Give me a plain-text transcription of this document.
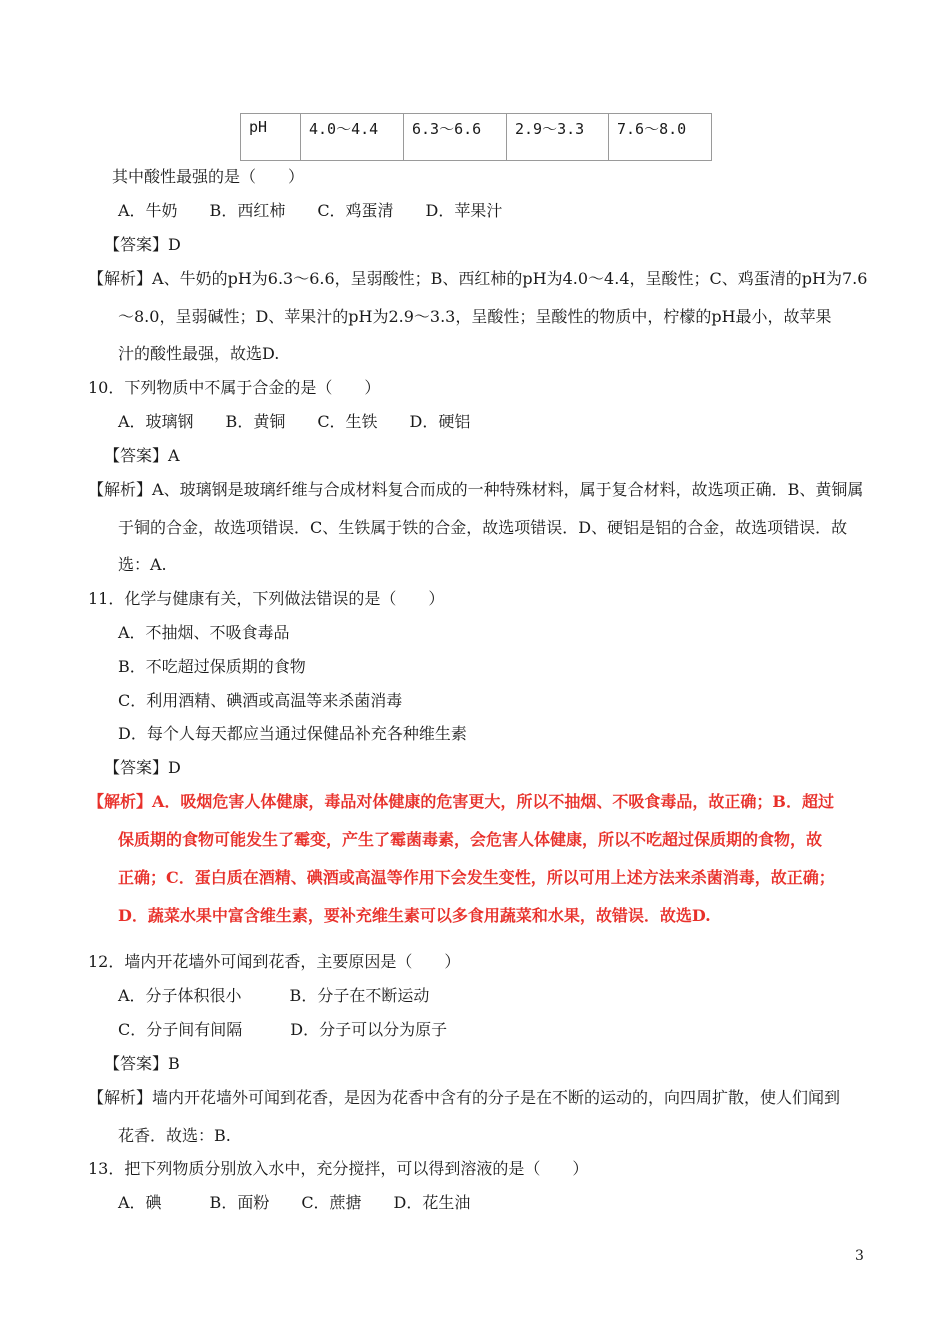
pH	4.0～4.4	6.3～6.6	2.9～3.3	7.6～8.0
其中酸性最强的是（　　）
A．牛奶　　B．西红柿　　C．鸡蛋清　　D．苹果汁
【答案】D
【解析】A、牛奶的pH为6.3～6.6，呈弱酸性；B、西红柿的pH为4.0～4.4，呈酸性；C、鸡蛋清的pH为7.6
～8.0，呈弱碱性；D、苹果汁的pH为2.9～3.3，呈酸性；呈酸性的物质中，柠檬的pH最小，故苹果
汁的酸性最强，故选D.
10．下列物质中不属于合金的是（　　）
A．玻璃钢　　B．黄铜　　C．生铁　　D．硬铝
【答案】A
【解析】A、玻璃钢是玻璃纤维与合成材料复合而成的一种特殊材料，属于复合材料，故选项正确．B、黄铜属
于铜的合金，故选项错误．C、生铁属于铁的合金，故选项错误．D、硬铝是铝的合金，故选项错误．故
选：A.
11．化学与健康有关，下列做法错误的是（　　）
A．不抽烟、不吸食毒品
B．不吃超过保质期的食物
C．利用酒精、碘酒或高温等来杀菌消毒
D．每个人每天都应当通过保健品补充各种维生素
【答案】D
【解析】A．吸烟危害人体健康，毒品对体健康的危害更大，所以不抽烟、不吸食毒品，故正确；B．超过
保质期的食物可能发生了霉变，产生了霉菌毒素，会危害人体健康，所以不吃超过保质期的食物，故
正确；C．蛋白质在酒精、碘酒或高温等作用下会发生变性，所以可用上述方法来杀菌消毒，故正确；
D．蔬菜水果中富含维生素，要补充维生素可以多食用蔬菜和水果，故错误．故选D.
12．墙内开花墙外可闻到花香，主要原因是（　　）
A．分子体积很小　　　B．分子在不断运动
C．分子间有间隔　　　D．分子可以分为原子
【答案】B
【解析】墙内开花墙外可闻到花香，是因为花香中含有的分子是在不断的运动的，向四周扩散，使人们闻到
花香．故选：B.
13．把下列物质分别放入水中，充分搅拌，可以得到溶液的是（　　）
A．碘　　　B．面粉　　C．蔗搪　　D．花生油
3
